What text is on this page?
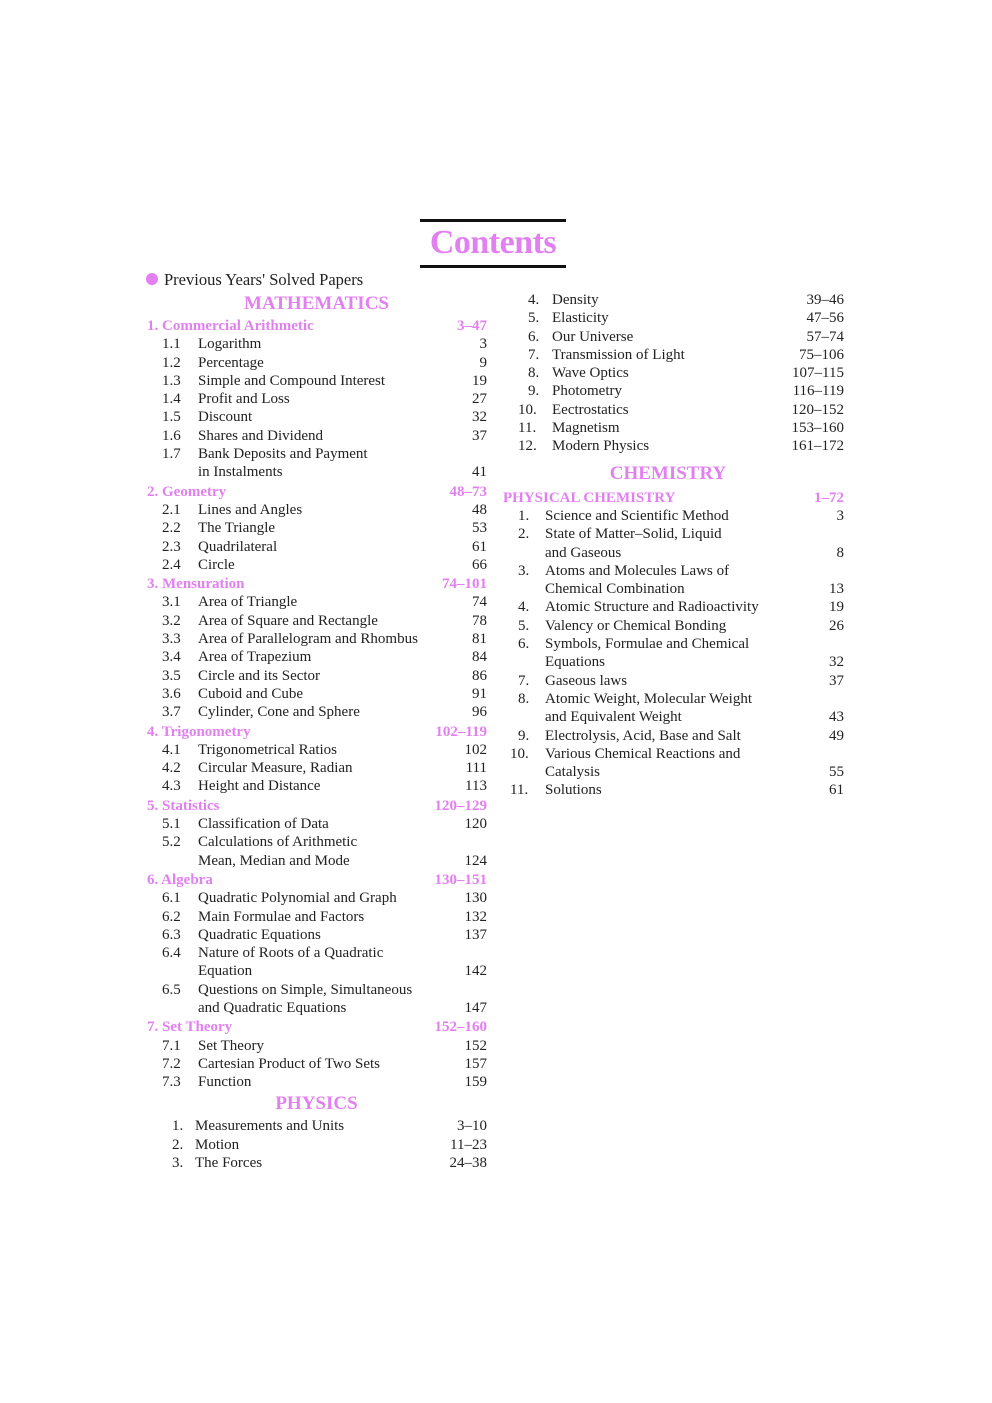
Contents
Previous Years' Solved Papers
MATHEMATICS
1. Commercial Arithmetic	3–47
1.1 Logarithm	3
1.2 Percentage	9
1.3 Simple and Compound Interest	19
1.4 Profit and Loss	27
1.5 Discount	32
1.6 Shares and Dividend	37
1.7 Bank Deposits and Payment
in Instalments	41
2. Geometry	48–73
2.1 Lines and Angles	48
2.2 The Triangle	53
2.3 Quadrilateral	61
2.4 Circle	66
3. Mensuration	74–101
3.1 Area of Triangle	74
3.2 Area of Square and Rectangle	78
3.3 Area of Parallelogram and Rhombus	81
3.4 Area of Trapezium	84
3.5 Circle and its Sector	86
3.6 Cuboid and Cube	91
3.7 Cylinder, Cone and Sphere	96
4. Trigonometry	102–119
4.1 Trigonometrical Ratios	102
4.2 Circular Measure, Radian	111
4.3 Height and Distance	113
5. Statistics	120–129
5.1 Classification of Data	120
5.2 Calculations of Arithmetic
Mean, Median and Mode	124
6. Algebra	130–151
6.1 Quadratic Polynomial and Graph	130
6.2 Main Formulae and Factors	132
6.3 Quadratic Equations	137
6.4 Nature of Roots of a Quadratic
Equation	142
6.5 Questions on Simple, Simultaneous
and Quadratic Equations	147
7. Set Theory	152–160
7.1 Set Theory	152
7.2 Cartesian Product of Two Sets	157
7.3 Function	159
PHYSICS
1. Measurements and Units	3–10
2. Motion	11–23
3. The Forces	24–38
4. Density	39–46
5. Elasticity	47–56
6. Our Universe	57–74
7. Transmission of Light	75–106
8. Wave Optics	107–115
9. Photometry	116–119
10. Eectrostatics	120–152
11. Magnetism	153–160
12. Modern Physics	161–172
CHEMISTRY
PHYSICAL CHEMISTRY	1–72
1. Science and Scientific Method	3
2. State of Matter–Solid, Liquid
and Gaseous	8
3. Atoms and Molecules Laws of
Chemical Combination	13
4. Atomic Structure and Radioactivity	19
5. Valency or Chemical Bonding	26
6. Symbols, Formulae and Chemical
Equations	32
7. Gaseous laws	37
8. Atomic Weight, Molecular Weight
and Equivalent Weight	43
9. Electrolysis, Acid, Base and Salt	49
10. Various Chemical Reactions and
Catalysis	55
11. Solutions	61
